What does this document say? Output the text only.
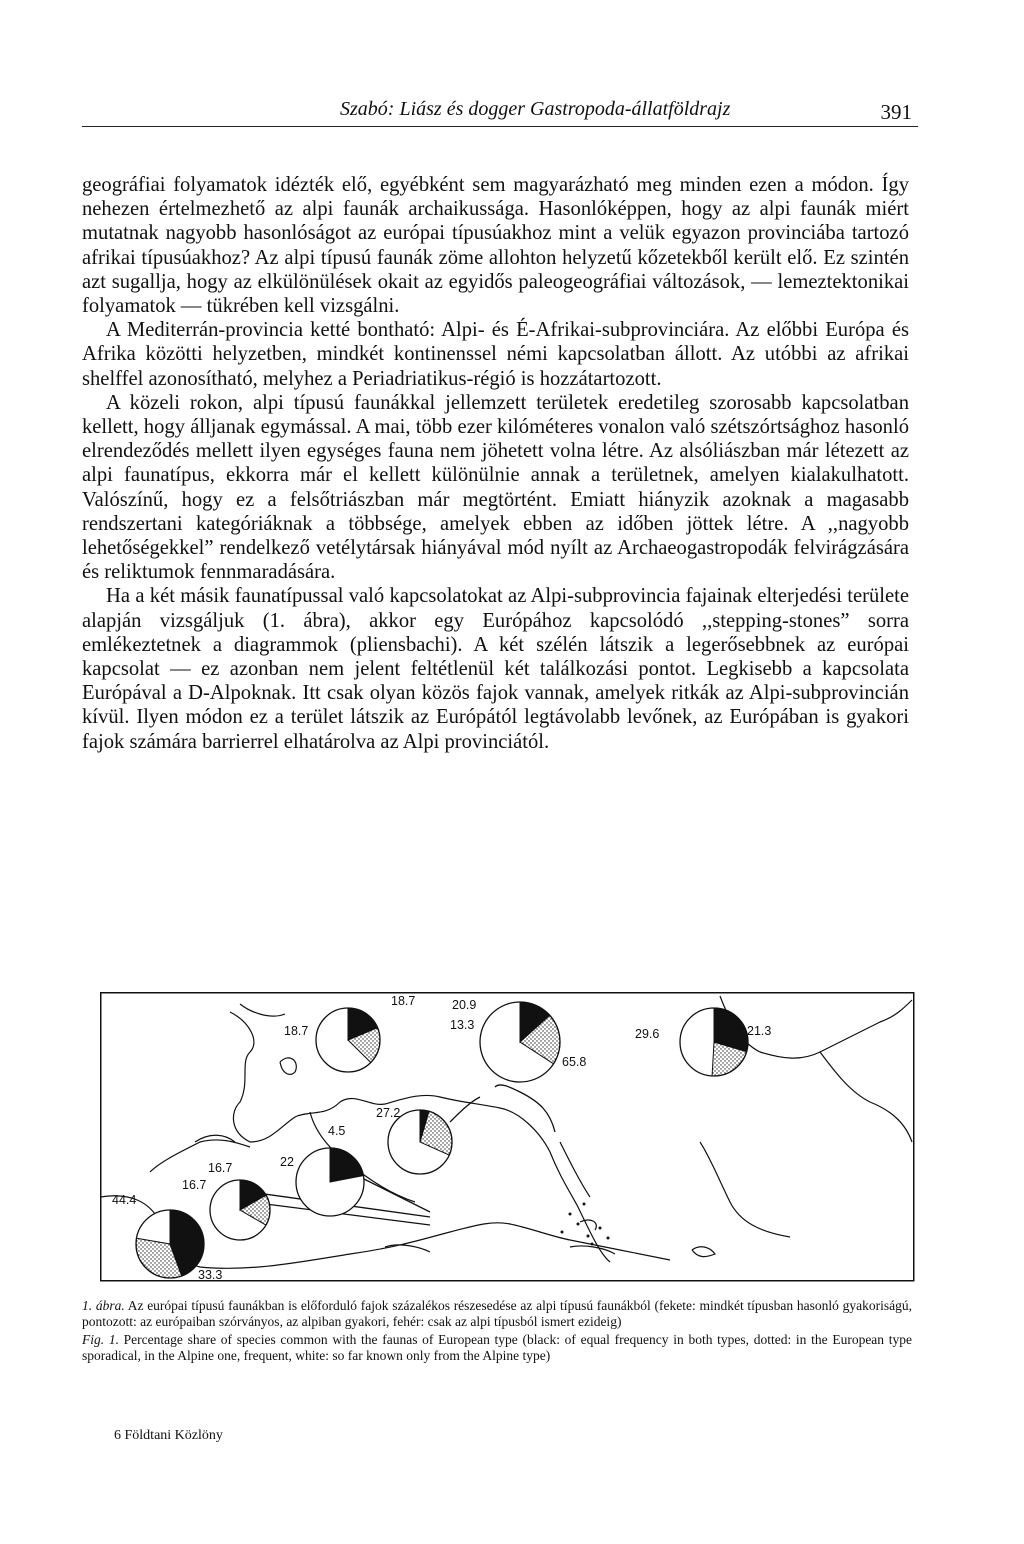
Szabó: Liász és dogger Gastropoda-állatföldrajz	391

geográfiai folyamatok idézték elő, egyébként sem magyarázható meg minden ezen a módon. Így nehezen értelmezhető az alpi faunák archaikussága. Hasonlóképpen, hogy az alpi faunák miért mutatnak nagyobb hasonlóságot az európai típusúakhoz mint a velük egyazon provinciába tartozó afrikai típusúakhoz? Az alpi típusú faunák zöme allohton helyzetű kőzetekből került elő. Ez szintén azt sugallja, hogy az elkülönülések okait az egyidős paleogeográfiai változások, — lemeztektonikai folyamatok — tükrében kell vizsgálni.

A Mediterrán-provincia ketté bontható: Alpi- és É-Afrikai-subprovinciára. Az előbbi Európa és Afrika közötti helyzetben, mindkét kontinenssel némi kapcsolatban állott. Az utóbbi az afrikai shelffel azonosítható, melyhez a Periadriatikus-régió is hozzátartozott.

A közeli rokon, alpi típusú faunákkal jellemzett területek eredetileg szorosabb kapcsolatban kellett, hogy álljanak egymással. A mai, több ezer kilóméteres vonalon való szétszórtsághoz hasonló elrendeződés mellett ilyen egységes fauna nem jöhetett volna létre. Az alsóliászban már létezett az alpi faunatípus, ekkorra már el kellett különülnie annak a területnek, amelyen kialakulhatott. Valószínű, hogy ez a felsőtriászban már megtörtént. Emiatt hiányzik azoknak a magasabb rendszertani kategóriáknak a többsége, amelyek ebben az időben jöttek létre. A ,,nagyobb lehetőségekkel” rendelkező vetélytársak hiányával mód nyílt az Archaeogastropodák felvirágzására és reliktumok fennmaradására.

Ha a két másik faunatípussal való kapcsolatokat az Alpi-subprovincia fajainak elterjedési területe alapján vizsgáljuk (1. ábra), akkor egy Európához kapcsolódó ,,stepping-stones” sorra emlékeztetnek a diagrammok (pliensbachi). A két szélén látszik a legerősebbnek az európai kapcsolat — ez azonban nem jelent feltétlenül két találkozási pontot. Legkisebb a kapcsolata Európával a D-Alpoknak. Itt csak olyan közös fajok vannak, amelyek ritkák az Alpi-subprovincián kívül. Ilyen módon ez a terület látszik az Európától legtávolabb levőnek, az Európában is gyakori fajok számára barrierrel elhatárolva az Alpi provinciától.

18.7
18.7
20.9
13.3
65.8
29.6	21.3
27.2
4.5
22
16.7
16.7
44.4
33.3

1. ábra. Az európai típusú faunákban is előforduló fajok százalékos részesedése az alpi típusú faunákból (fekete: mindkét típusban hasonló gyakoriságú, pontozott: az európaiban szórványos, az alpiban gyakori, fehér: csak az alpi típusból ismert ezideig)

Fig. 1. Percentage share of species common with the faunas of European type (black: of equal frequency in both types, dotted: in the European type sporadical, in the Alpine one, frequent, white: so far known only from the Alpine type)

6 Földtani Közlöny
